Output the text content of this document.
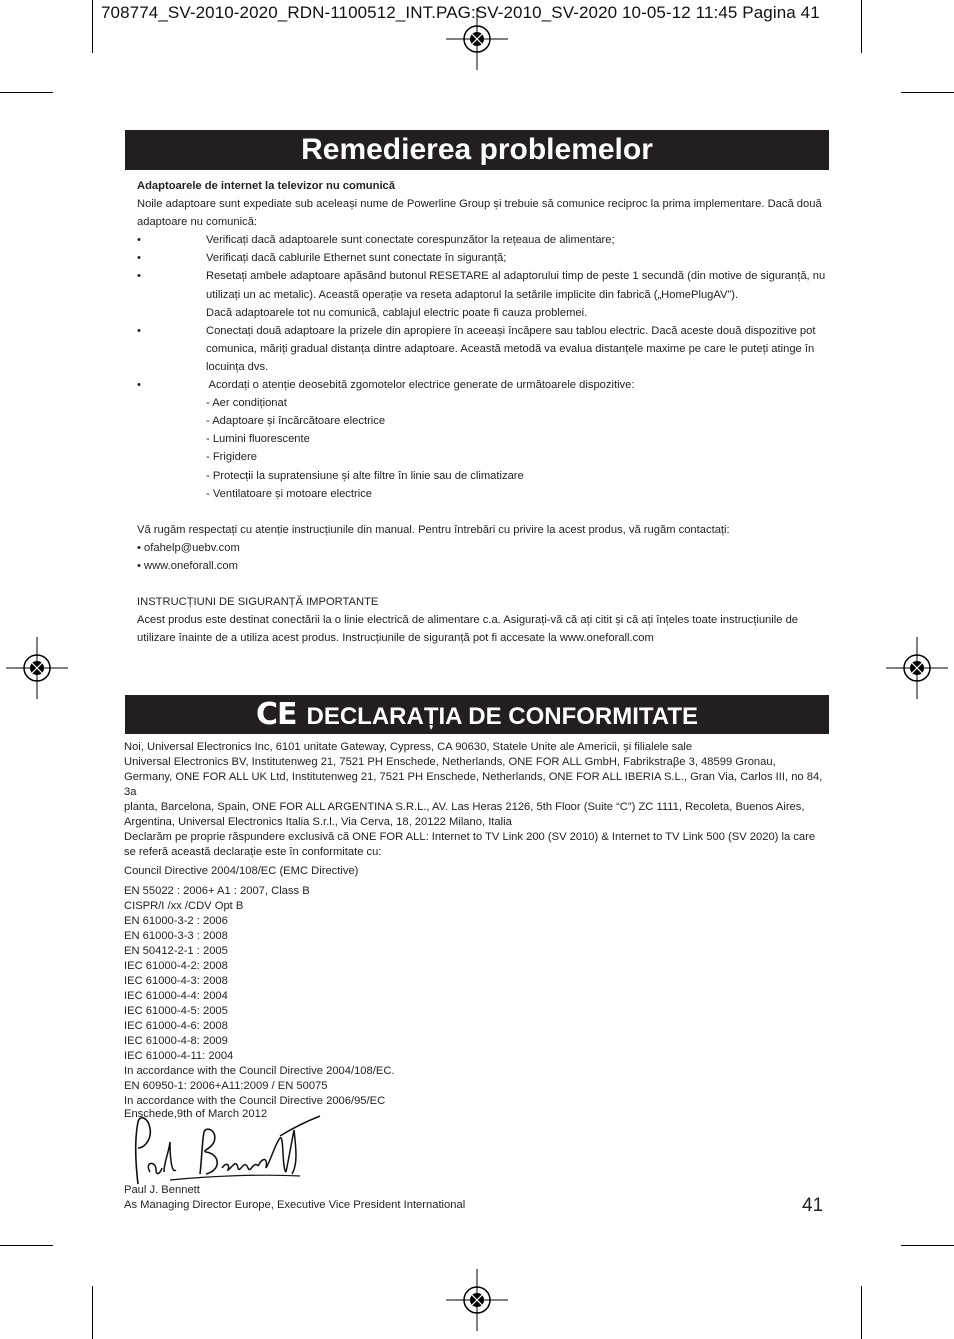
708774_SV-2010-2020_RDN-1100512_INT.PAG:SV-2010_SV-2020 10-05-12 11:45 Pagina 41
Remedierea problemelor

Adaptoarele de internet la televizor nu comunică

Noile adaptoare sunt expediate sub aceleași nume de Powerline Group și trebuie să comunice reciproc la prima implementare. Dacă două adaptoare nu comunică:

•	Verificați dacă adaptoarele sunt conectate corespunzător la rețeaua de alimentare;

•	Verificați dacă cablurile Ethernet sunt conectate în siguranță;

•	Resetați ambele adaptoare apăsând butonul RESETARE al adaptorului timp de peste 1 secundă (din motive de siguranță, nu utilizați un ac metalic). Această operație va reseta adaptorul la setările implicite din fabrică („HomePlugAV”).

Dacă adaptoarele tot nu comunică, cablajul electric poate fi cauza problemei.

•	Conectați două adaptoare la prizele din apropiere în aceeași încăpere sau tablou electric. Dacă aceste două dispozitive pot comunica, măriți gradual distanța dintre adaptoare. Această metodă va evalua distanțele maxime pe care le puteți atinge în locuința dvs.

•	Acordați o atenție deosebită zgomotelor electrice generate de următoarele dispozitive:

- Aer condiționat

- Adaptoare și încărcătoare electrice

- Lumini fluorescente

- Frigidere

- Protecții la supratensiune și alte filtre în linie sau de climatizare

- Ventilatoare și motoare electrice

Vă rugăm respectați cu atenție instrucțiunile din manual. Pentru întrebări cu privire la acest produs, vă rugăm contactați:

• ofahelp@uebv.com

• www.oneforall.com

INSTRUCȚIUNI DE SIGURANȚĂ IMPORTANTE

Acest produs este destinat conectării la o linie electrică de alimentare c.a. Asigurați-vă că ați citit și că ați înțeles toate instrucțiunile de utilizare înainte de a utiliza acest produs. Instrucțiunile de siguranță pot fi accesate la www.oneforall.com

CE DECLARAȚIA DE CONFORMITATE

Noi, Universal Electronics Inc, 6101 unitate Gateway, Cypress, CA 90630, Statele Unite ale Americii, și filialele sale

Universal Electronics BV, Institutenweg 21, 7521 PH Enschede, Netherlands, ONE FOR ALL GmbH, Fabrikstraβe 3, 48599 Gronau,

Germany, ONE FOR ALL UK Ltd, Institutenweg 21, 7521 PH Enschede, Netherlands, ONE FOR ALL IBERIA S.L., Gran Via, Carlos III, no 84, 3a

planta, Barcelona, Spain, ONE FOR ALL ARGENTINA S.R.L., AV. Las Heras 2126, 5th Floor (Suite “C”) ZC 1111, Recoleta, Buenos Aires,

Argentina, Universal Electronics Italia S.r.l., Via Cerva, 18, 20122 Milano, Italia

Declarăm pe proprie răspundere exclusivă că ONE FOR ALL: Internet to TV Link 200 (SV 2010) & Internet to TV Link 500 (SV 2020) la care

se referă această declarație este în conformitate cu:

Council Directive 2004/108/EC (EMC Directive)

EN 55022 : 2006+ A1 : 2007, Class B

CISPR/I /xx /CDV Opt B

EN 61000-3-2 : 2006

EN 61000-3-3 : 2008

EN 50412-2-1 : 2005

IEC 61000-4-2: 2008

IEC 61000-4-3: 2008

IEC 61000-4-4: 2004

IEC 61000-4-5: 2005

IEC 61000-4-6: 2008

IEC 61000-4-8: 2009

IEC 61000-4-11: 2004

In accordance with the Council Directive 2004/108/EC.

EN 60950-1: 2006+A11:2009 / EN 50075

In accordance with the Council Directive 2006/95/EC

Enschede,9th of March 2012
Paul J. Bennett
As Managing Director Europe, Executive Vice President International	41
